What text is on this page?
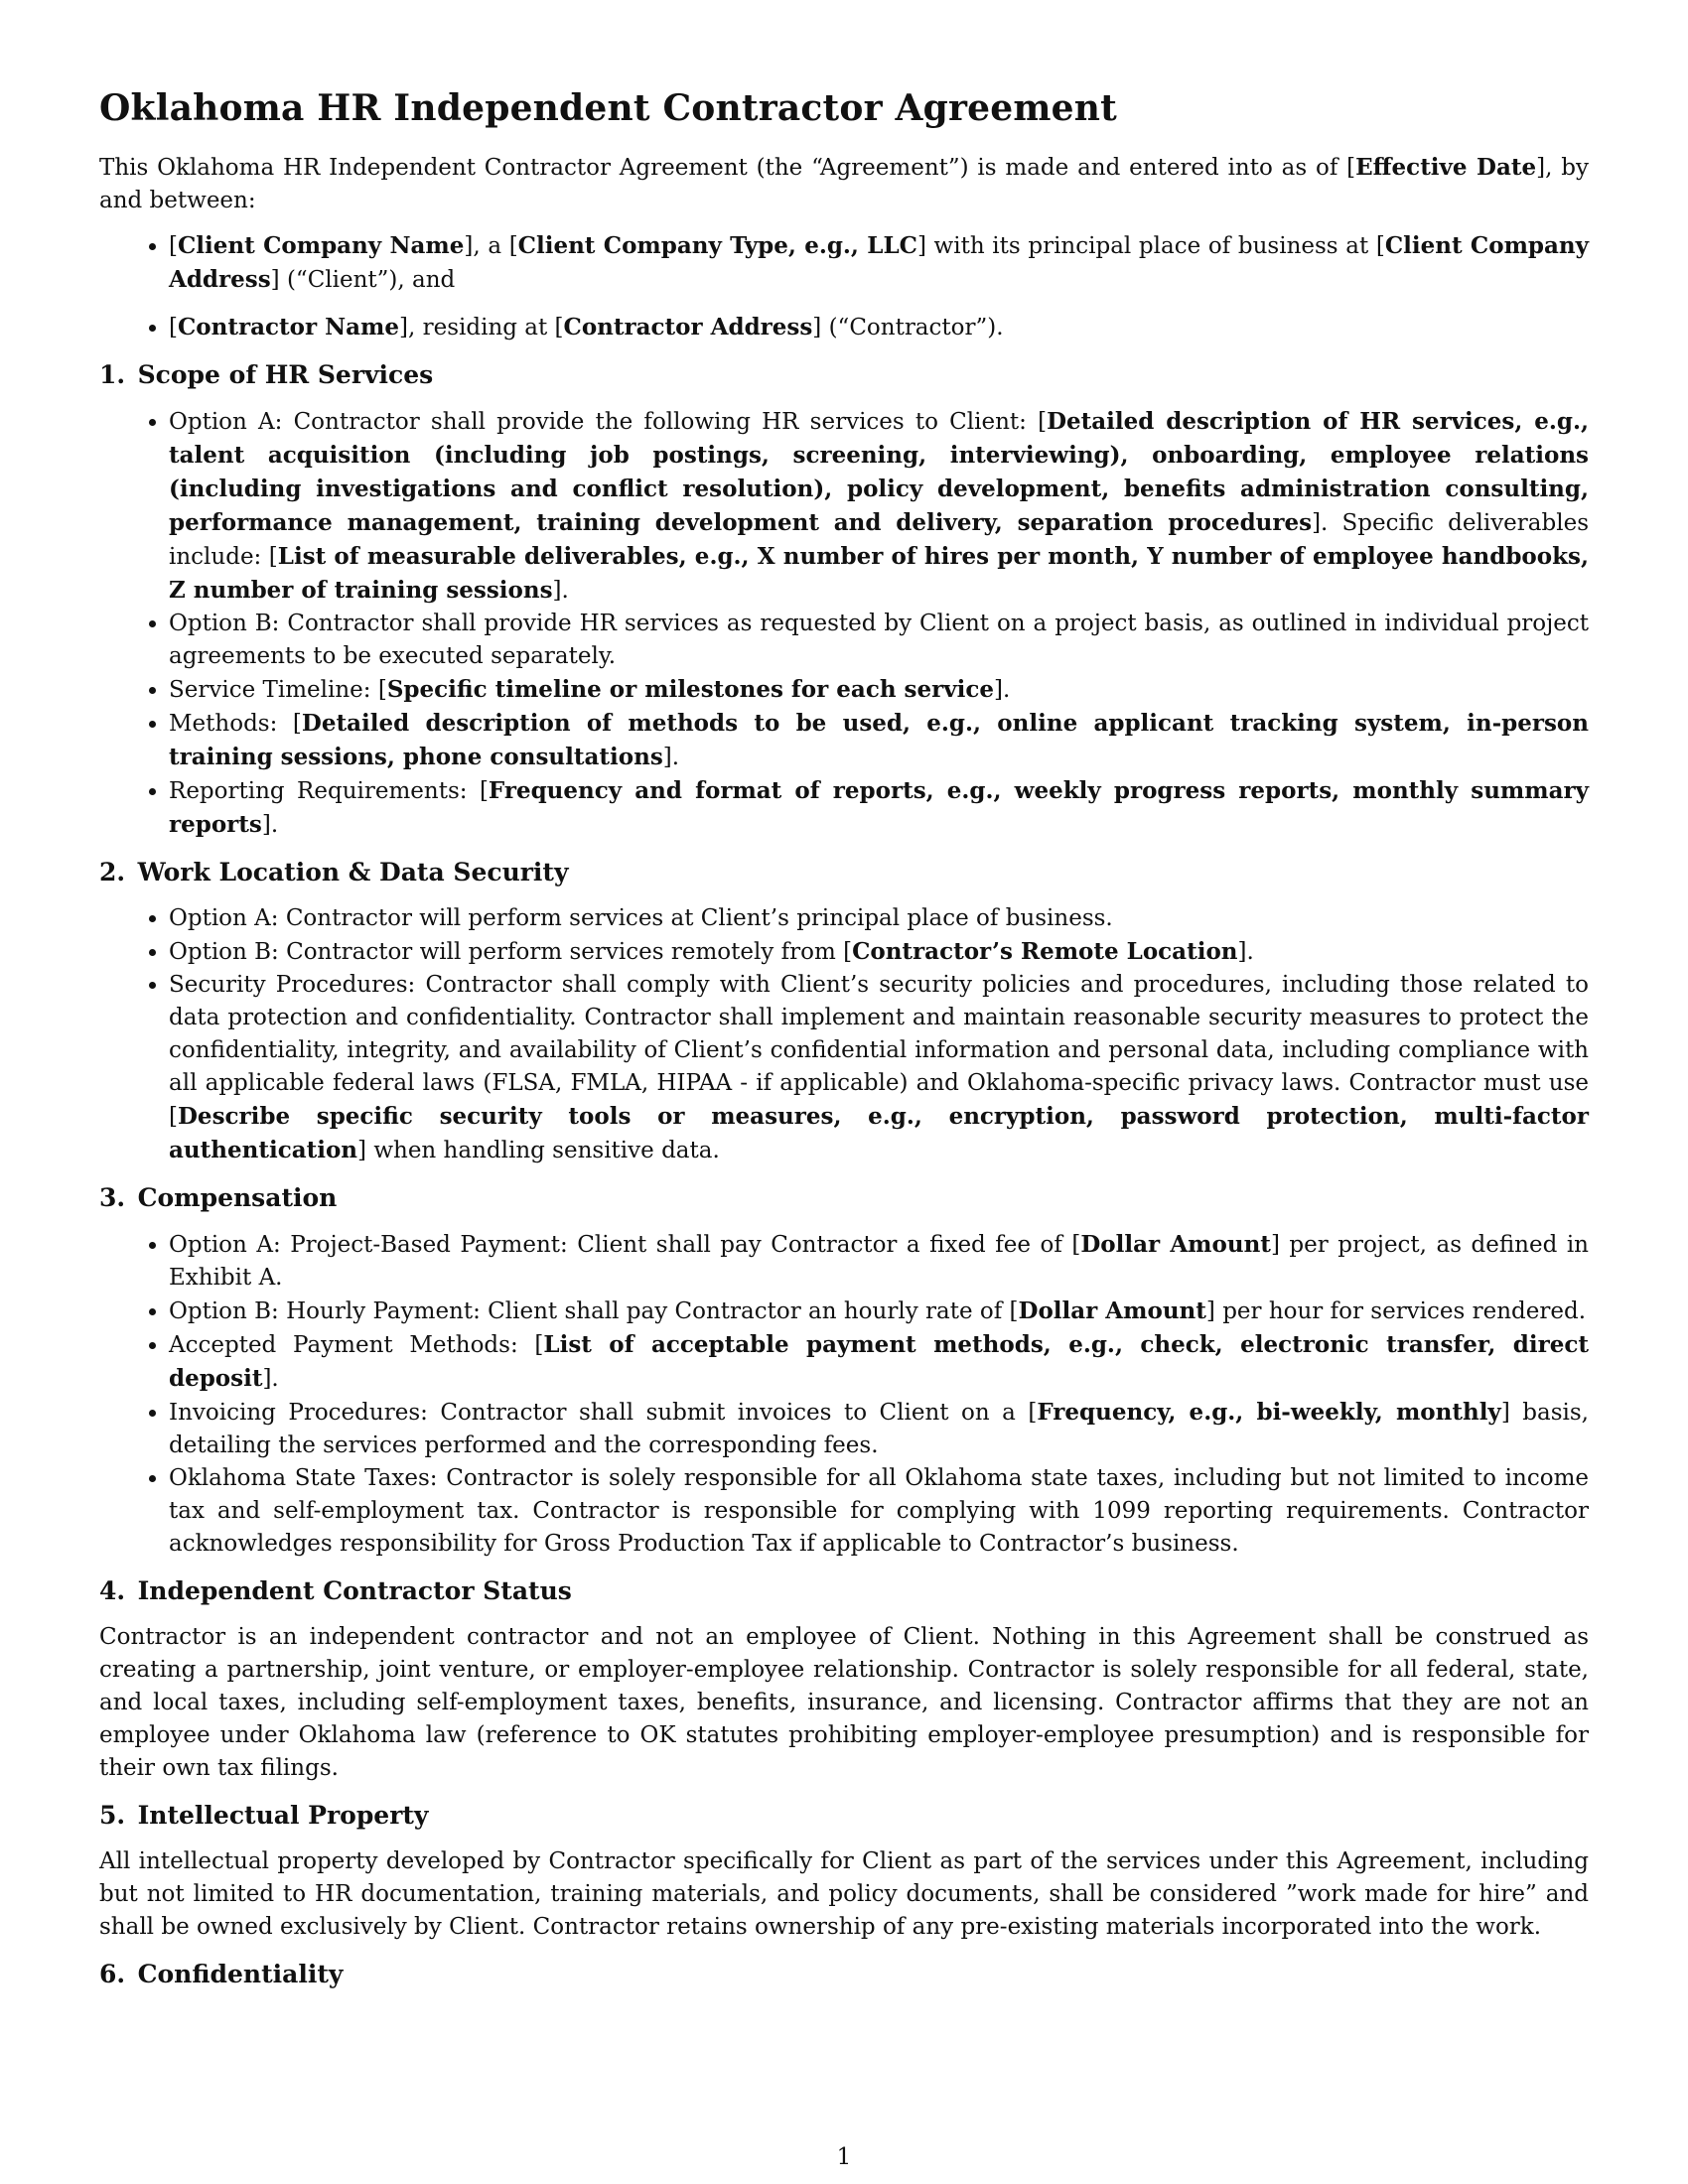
Oklahoma HR Independent Contractor Agreement

This Oklahoma HR Independent Contractor Agreement (the “Agreement”) is made and entered into as of [Effective Date], by and between:

• [Client Company Name], a [Client Company Type, e.g., LLC] with its principal place of business at [Client Company Address] (“Client”), and
• [Contractor Name], residing at [Contractor Address] (“Contractor”).
1. Scope of HR Services
• Option A: Contractor shall provide the following HR services to Client: [Detailed description of HR services, e.g., talent acquisition (including job postings, screening, interviewing), onboarding, employee relations (including investigations and conflict resolution), policy development, benefits administration consulting, performance management, training development and delivery, separation procedures]. Specific deliverables include: [List of measurable deliverables, e.g., X number of hires per month, Y number of employee handbooks, Z number of training sessions].
• Option B: Contractor shall provide HR services as requested by Client on a project basis, as outlined in individual project agreements to be executed separately.
• Service Timeline: [Specific timeline or milestones for each service].
• Methods: [Detailed description of methods to be used, e.g., online applicant tracking system, in-person training sessions, phone consultations].
• Reporting Requirements: [Frequency and format of reports, e.g., weekly progress reports, monthly summary reports].
2. Work Location & Data Security
• Option A: Contractor will perform services at Client’s principal place of business.
• Option B: Contractor will perform services remotely from [Contractor’s Remote Location].
• Security Procedures: Contractor shall comply with Client’s security policies and procedures, including those related to data protection and confidentiality. Contractor shall implement and maintain reasonable security measures to protect the confidentiality, integrity, and availability of Client’s confidential information and personal data, including compliance with all applicable federal laws (FLSA, FMLA, HIPAA - if applicable) and Oklahoma-specific privacy laws. Contractor must use [Describe specific security tools or measures, e.g., encryption, password protection, multi-factor authentication] when handling sensitive data.
3. Compensation
• Option A: Project-Based Payment: Client shall pay Contractor a fixed fee of [Dollar Amount] per project, as defined in Exhibit A.
• Option B: Hourly Payment: Client shall pay Contractor an hourly rate of [Dollar Amount] per hour for services rendered.
• Accepted Payment Methods: [List of acceptable payment methods, e.g., check, electronic transfer, direct deposit].
• Invoicing Procedures: Contractor shall submit invoices to Client on a [Frequency, e.g., bi-weekly, monthly] basis, detailing the services performed and the corresponding fees.
• Oklahoma State Taxes: Contractor is solely responsible for all Oklahoma state taxes, including but not limited to income tax and self-employment tax. Contractor is responsible for complying with 1099 reporting requirements. Contractor acknowledges responsibility for Gross Production Tax if applicable to Contractor’s business.
4. Independent Contractor Status

Contractor is an independent contractor and not an employee of Client. Nothing in this Agreement shall be construed as creating a partnership, joint venture, or employer-employee relationship. Contractor is solely responsible for all federal, state, and local taxes, including self-employment taxes, benefits, insurance, and licensing. Contractor affirms that they are not an employee under Oklahoma law (reference to OK statutes prohibiting employer-employee presumption) and is responsible for their own tax filings.

5. Intellectual Property

All intellectual property developed by Contractor specifically for Client as part of the services under this Agreement, including but not limited to HR documentation, training materials, and policy documents, shall be considered ”work made for hire” and shall be owned exclusively by Client. Contractor retains ownership of any pre-existing materials incorporated into the work.

6. Confidentiality
1
